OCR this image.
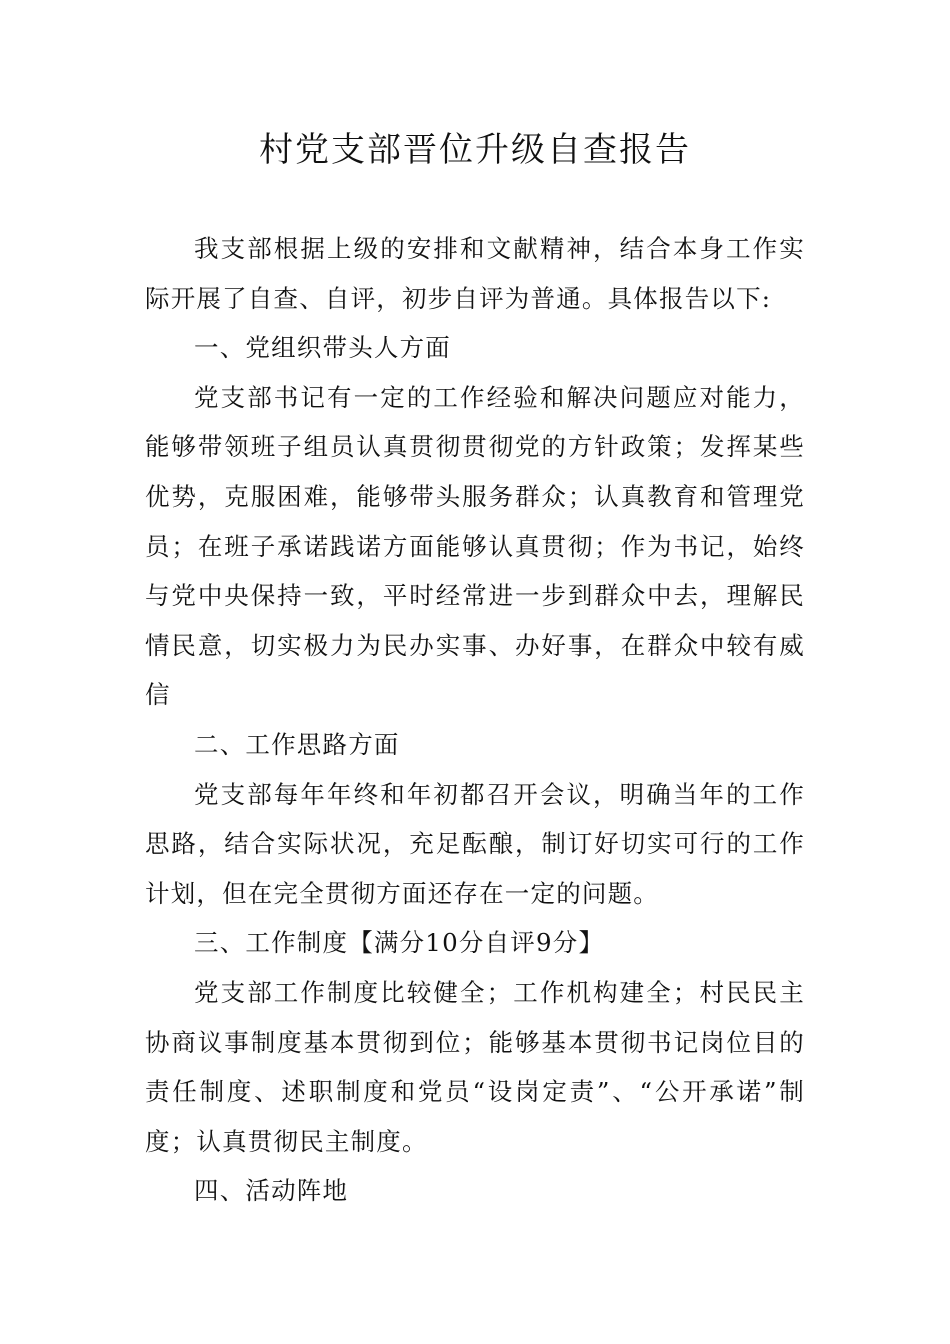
村党支部晋位升级自查报告

我支部根据上级的安排和文献精神，结合本身工作实际开展了自查、自评，初步自评为普通。具体报告以下:

一、党组织带头人方面

党支部书记有一定的工作经验和解决问题应对能力，能够带领班子组员认真贯彻贯彻党的方针政策；发挥某些优势，克服困难，能够带头服务群众；认真教育和管理党员；在班子承诺践诺方面能够认真贯彻；作为书记，始终与党中央保持一致，平时经常进一步到群众中去，理解民情民意，切实极力为民办实事、办好事，在群众中较有威信

二、工作思路方面

党支部每年年终和年初都召开会议，明确当年的工作思路，结合实际状况，充足酝酿，制订好切实可行的工作计划，但在完全贯彻方面还存在一定的问题。

三、工作制度【满分10分自评9分】

党支部工作制度比较健全；工作机构建全；村民民主协商议事制度基本贯彻到位；能够基本贯彻书记岗位目的责任制度、述职制度和党员“设岗定责”、“公开承诺”制度；认真贯彻民主制度。

四、活动阵地
